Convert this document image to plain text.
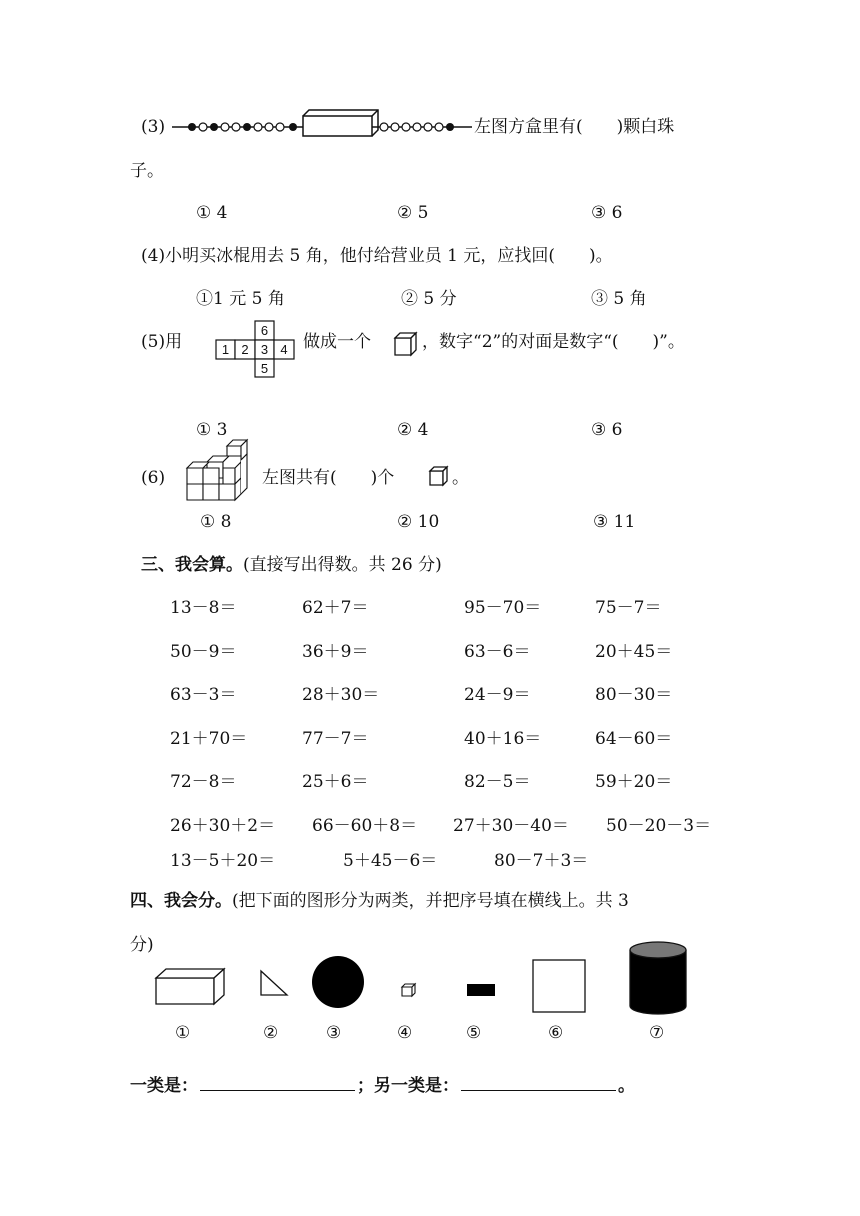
(3)	左图方盒里有(　　)颗白珠
子。
① 4	② 5	③ 6
(4)小明买冰棍用去 5 角，他付给营业员 1 元，应找回(　　)。
①1 元 5 角	② 5 分	③ 5 角
(5)用
6
1 2 3 4
5
做成一个	，数字“2”的对面是数字“(　　)”。
① 3	② 4	③ 6
(6)	左图共有(　　)个	。
① 8	② 10	③ 11
三、我会算。(直接写出得数。共 26 分)
13－8＝	62＋7＝	95－70＝	75－7＝
50－9＝	36＋9＝	63－6＝	20＋45＝
63－3＝	28＋30＝	24－9＝	80－30＝
21＋70＝	77－7＝	40＋16＝	64－60＝
72－8＝	25＋6＝	82－5＝	59＋20＝
26＋30＋2＝ 66－60＋8＝ 27＋30－40＝ 50－20－3＝
13－5＋20＝	5＋45－6＝	80－7＋3＝
四、我会分。(把下面的图形分为两类，并把序号填在横线上。共 3
分)
①	②	③	④	⑤	⑥	⑦
一类是：	；另一类是：	。
